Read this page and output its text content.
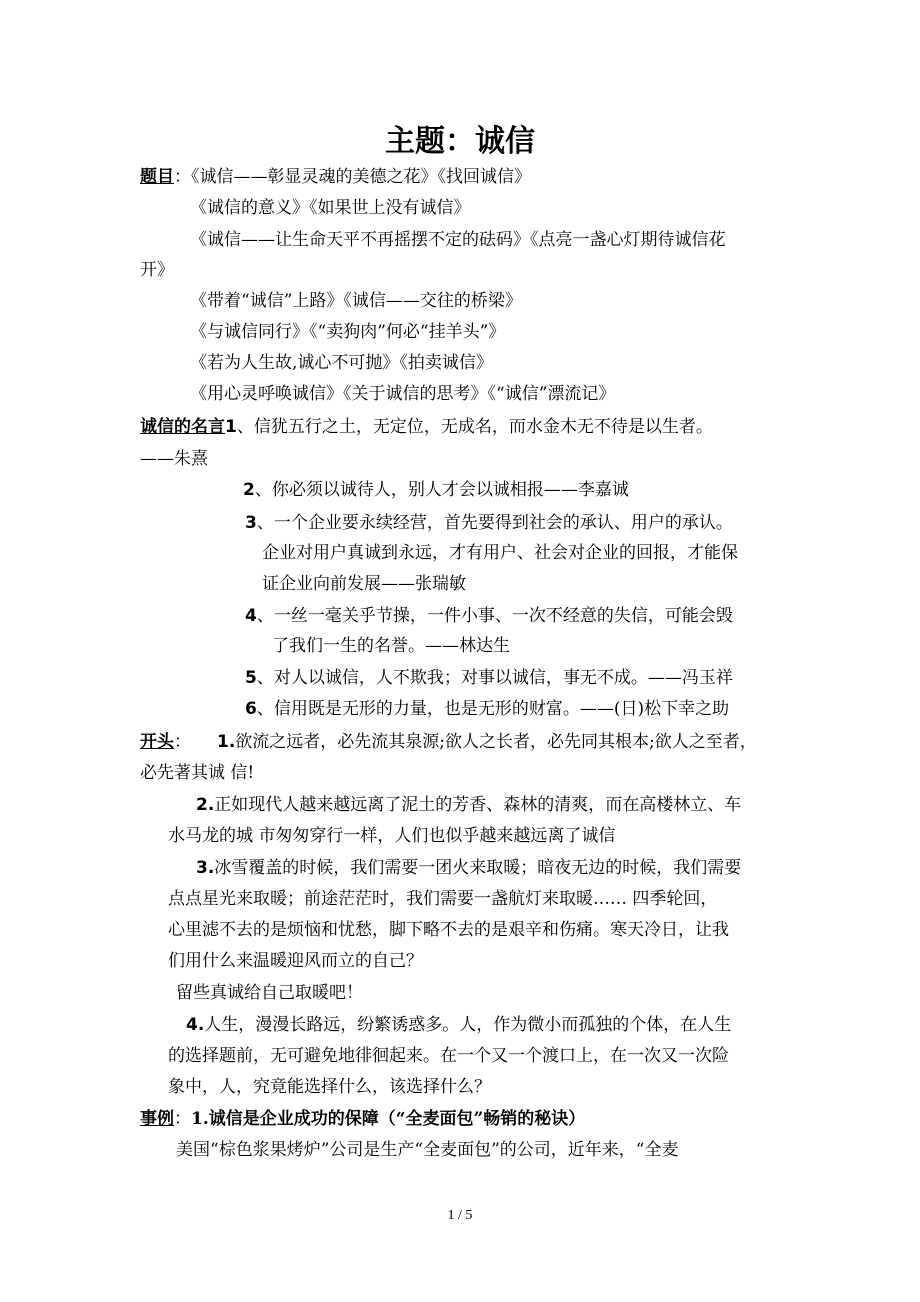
主题：诚信
题目：《诚信——彰显灵魂的美德之花》《找回诚信》
《诚信的意义》《如果世上没有诚信》
《诚信——让生命天平不再摇摆不定的砝码》《点亮一盏心灯期待诚信花
开》
《带着“诚信”上路》《诚信——交往的桥梁》
《与诚信同行》《“卖狗肉”何必“挂羊头”》
《若为人生故,诚心不可抛》《拍卖诚信》
《用心灵呼唤诚信》《关于诚信的思考》《“诚信”漂流记》
诚信的名言1、信犹五行之土，无定位，无成名，而水金木无不待是以生者。
——朱熹
2、你必须以诚待人，别人才会以诚相报——李嘉诚
3、一个企业要永续经营，首先要得到社会的承认、用户的承认。
企业对用户真诚到永远，才有用户、社会对企业的回报，才能保
证企业向前发展——张瑞敏
4、一丝一毫关乎节操，一件小事、一次不经意的失信，可能会毁
了我们一生的名誉。——林达生
5、对人以诚信，人不欺我；对事以诚信，事无不成。——冯玉祥
6、信用既是无形的力量，也是无形的财富。——(日)松下幸之助
开头： 1.欲流之远者，必先流其泉源;欲人之长者，必先同其根本;欲人之至者，
必先著其诚 信!
2.正如现代人越来越远离了泥土的芳香、森林的清爽，而在高楼林立、车
水马龙的城 市匆匆穿行一样，人们也似乎越来越远离了诚信
3.冰雪覆盖的时候，我们需要一团火来取暖；暗夜无边的时候，我们需要
点点星光来取暖；前途茫茫时，我们需要一盏航灯来取暖…… 四季轮回，
心里滤不去的是烦恼和忧愁，脚下略不去的是艰辛和伤痛。寒天冷日，让我
们用什么来温暖迎风而立的自己？
留些真诚给自己取暖吧！
4.人生，漫漫长路远，纷繁诱惑多。人，作为微小而孤独的个体，在人生
的选择题前，无可避免地徘徊起来。在一个又一个渡口上，在一次又一次险
象中，人，究竟能选择什么，该选择什么？
事例：1.诚信是企业成功的保障（“全麦面包”畅销的秘诀）
美国“棕色浆果烤炉”公司是生产“全麦面包”的公司，近年来，“全麦
1 / 5
